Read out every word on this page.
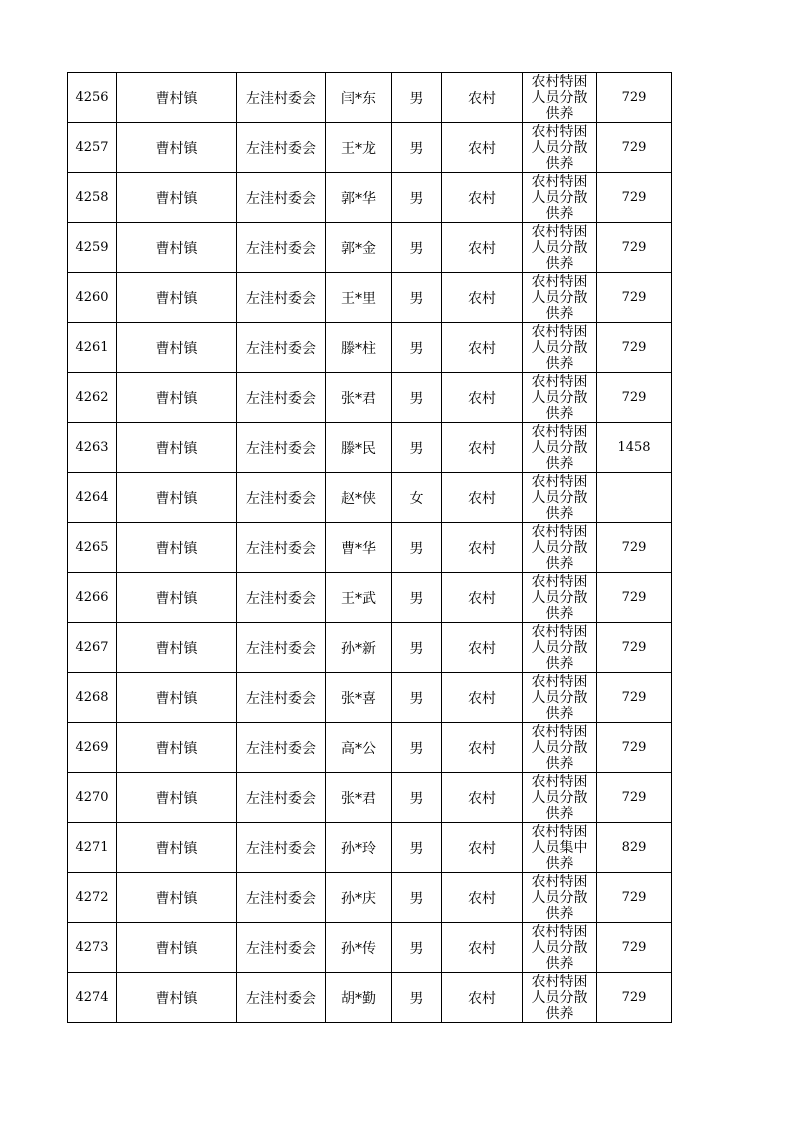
4256	曹村镇	左洼村委会	闫*东	男	农村	农村特困人员分散供养	729
4257	曹村镇	左洼村委会	王*龙	男	农村	农村特困人员分散供养	729
4258	曹村镇	左洼村委会	郭*华	男	农村	农村特困人员分散供养	729
4259	曹村镇	左洼村委会	郭*金	男	农村	农村特困人员分散供养	729
4260	曹村镇	左洼村委会	王*里	男	农村	农村特困人员分散供养	729
4261	曹村镇	左洼村委会	滕*柱	男	农村	农村特困人员分散供养	729
4262	曹村镇	左洼村委会	张*君	男	农村	农村特困人员分散供养	729
4263	曹村镇	左洼村委会	滕*民	男	农村	农村特困人员分散供养	1458
4264	曹村镇	左洼村委会	赵*侠	女	农村	农村特困人员分散供养	

4265	曹村镇	左洼村委会	曹*华	男	农村	农村特困人员分散供养	729
4266	曹村镇	左洼村委会	王*武	男	农村	农村特困人员分散供养	729
4267	曹村镇	左洼村委会	孙*新	男	农村	农村特困人员分散供养	729
4268	曹村镇	左洼村委会	张*喜	男	农村	农村特困人员分散供养	729
4269	曹村镇	左洼村委会	高*公	男	农村	农村特困人员分散供养	729
4270	曹村镇	左洼村委会	张*君	男	农村	农村特困人员分散供养	729
4271	曹村镇	左洼村委会	孙*玲	男	农村	农村特困人员集中供养	829
4272	曹村镇	左洼村委会	孙*庆	男	农村	农村特困人员分散供养	729
4273	曹村镇	左洼村委会	孙*传	男	农村	农村特困人员分散供养	729
4274	曹村镇	左洼村委会	胡*勤	男	农村	农村特困人员分散供养	729
